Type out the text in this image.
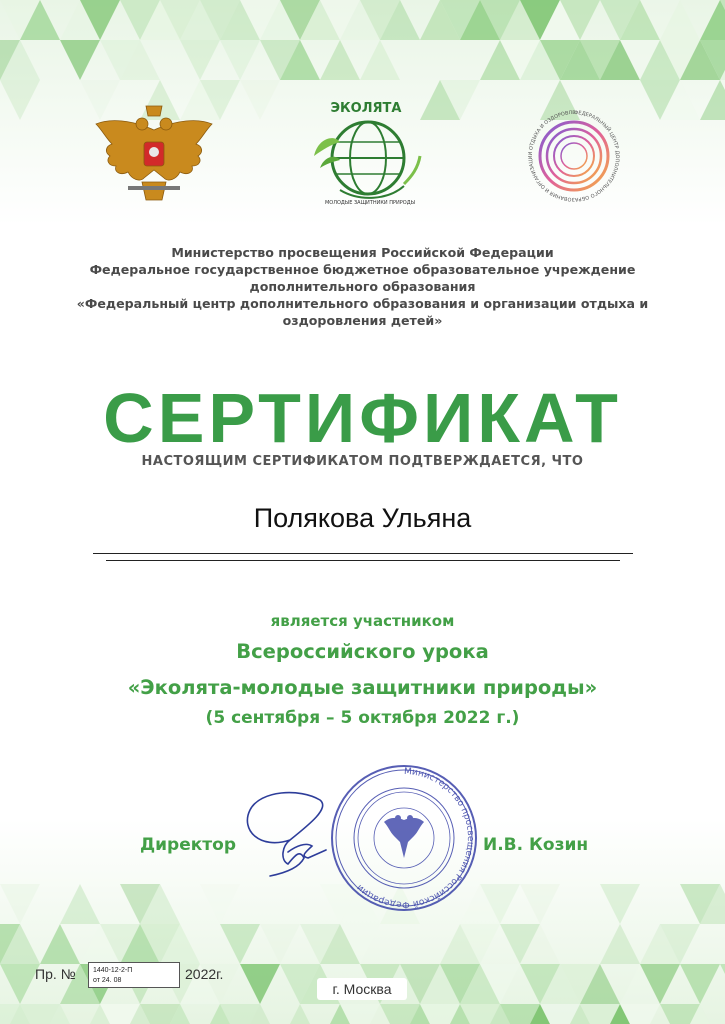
ЭКОЛЯТА
МОЛОДЫЕ ЗАЩИТНИКИ ПРИРОДЫ
ФЕДЕРАЛЬНЫЙ ЦЕНТР ДОПОЛНИТЕЛЬНОГО ОБРАЗОВАНИЯ И ОРГАНИЗАЦИИ ОТДЫХА И ОЗДОРОВЛЕ
Министерство просвещения Российской Федерации
Федеральное государственное бюджетное образовательное учреждение
дополнительного образования
«Федеральный центр дополнительного образования и организации отдыха и
оздоровления детей»
СЕРТИФИКАТ
НАСТОЯЩИМ СЕРТИФИКАТОМ ПОДТВЕРЖДАЕТСЯ, ЧТО
Полякова Ульяна
является участником
Всероссийского урока
«Эколята-молодые защитники природы»
(5 сентября – 5 октября 2022 г.)
Министерство просвещения Российской Федерации
Директор	И.В. Козин
Пр. № 1440-12-2-П
от 24. 08	2022г.
г. Москва
